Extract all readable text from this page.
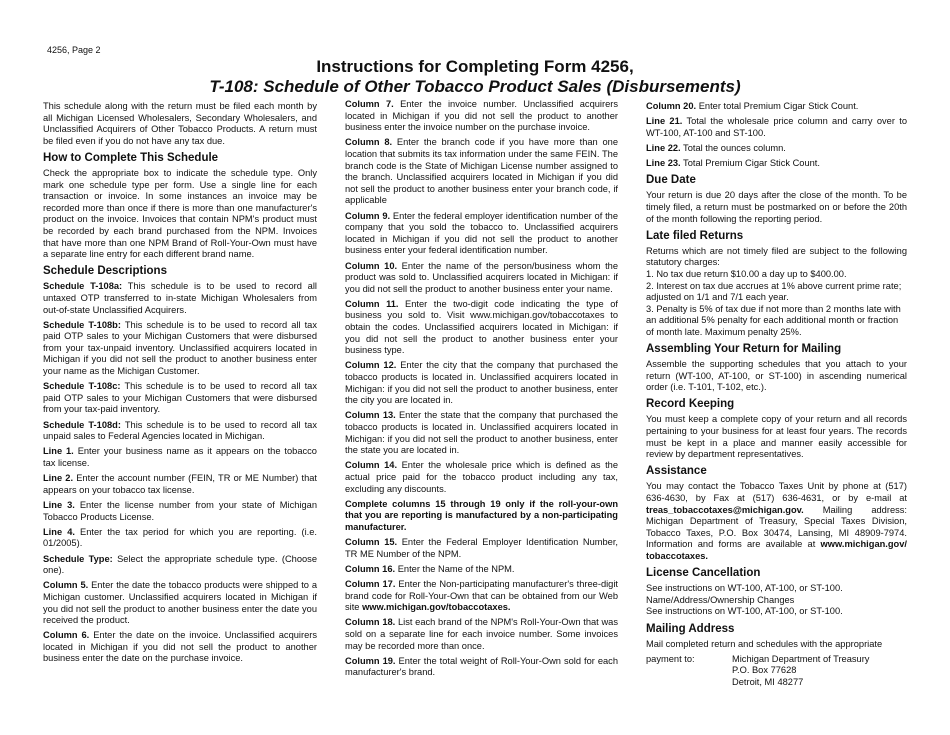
4256, Page 2
Instructions for Completing Form 4256,
T-108: Schedule of Other Tobacco Product Sales (Disbursements)

This schedule along with the return must be filed each month by all Michigan Licensed Wholesalers, Secondary Wholesalers, and Unclassified Acquirers of Other Tobacco Products. A return must be filed even if you do not have any tax due.

How to Complete This Schedule

Check the appropriate box to indicate the schedule type. Only mark one schedule type per form. Use a single line for each transaction or invoice. In some instances an invoice may be recorded more than once if there is more than one manufacturer's product on the invoice. Invoices that contain NPM's product must be recorded by each brand purchased from the NPM. Invoices that have more than one NPM Brand of Roll-Your-Own must have a separate line entry for each different brand name.

Schedule Descriptions

Schedule T-108a: This schedule is to be used to record all untaxed OTP transferred to in-state Michigan Wholesalers from out-of-state Unclassified Acquirers.

Schedule T-108b: This schedule is to be used to record all tax paid OTP sales to your Michigan Customers that were disbursed from your tax-unpaid inventory. Unclassified acquirers located in Michigan if you did not sell the product to another business enter your name as the Michigan Customer.

Schedule T-108c: This schedule is to be used to record all tax paid OTP sales to your Michigan Customers that were disbursed from your tax-paid inventory.

Schedule T-108d: This schedule is to be used to record all tax unpaid sales to Federal Agencies located in Michigan.

Line 1. Enter your business name as it appears on the tobacco tax license.

Line 2. Enter the account number (FEIN, TR or ME Number) that appears on your tobacco tax license.

Line 3. Enter the license number from your state of Michigan Tobacco Products License.

Line 4. Enter the tax period for which you are reporting. (i.e. 01/2005).

Schedule Type: Select the appropriate schedule type. (Choose one).

Column 5. Enter the date the tobacco products were shipped to a Michigan customer. Unclassified acquirers located in Michigan if you did not sell the product to another business enter the date you received the product.

Column 6. Enter the date on the invoice. Unclassified acquirers located in Michigan if you did not sell the product to another business enter the date on the purchase invoice.

Column 7. Enter the invoice number. Unclassified acquirers located in Michigan if you did not sell the product to another business enter the invoice number on the purchase invoice.

Column 8. Enter the branch code if you have more than one location that submits its tax information under the same FEIN. The branch code is the State of Michigan License number assigned to the branch. Unclassified acquirers located in Michigan if you did not sell the product to another business enter your branch code, if applicable

Column 9. Enter the federal employer identification number of the company that you sold the tobacco to. Unclassified acquirers located in Michigan if you did not sell the product to another business enter your federal identification number.

Column 10. Enter the name of the person/business whom the product was sold to. Unclassified acquirers located in Michigan: if you did not sell the product to another business enter your name.

Column 11. Enter the two-digit code indicating the type of business you sold to. Visit www.michigan.gov/tobaccotaxes to obtain the codes. Unclassified acquirers located in Michigan: if you did not sell the product to another business enter your business type.

Column 12. Enter the city that the company that purchased the tobacco products is located in. Unclassified acquirers located in Michigan: if you did not sell the product to another business, enter the city you are located in.

Column 13. Enter the state that the company that purchased the tobacco products is located in. Unclassified acquirers located in Michigan: if you did not sell the product to another business, enter the state you are located in.

Column 14. Enter the wholesale price which is defined as the actual price paid for the tobacco product including any tax, excluding any discounts.

Complete columns 15 through 19 only if the roll-your-own that you are reporting is manufactured by a non-participating manufacturer.

Column 15. Enter the Federal Employer Identification Number, TR ME Number of the NPM.

Column 16. Enter the Name of the NPM.

Column 17. Enter the Non-participating manufacturer's three-digit brand code for Roll-Your-Own that can be obtained from our Web site www.michigan.gov/tobaccotaxes.

Column 18. List each brand of the NPM's Roll-Your-Own that was sold on a separate line for each invoice number. Some invoices may be recorded more than once.

Column 19. Enter the total weight of Roll-Your-Own sold for each manufacturer's brand.

Column 20. Enter total Premium Cigar Stick Count.

Line 21. Total the wholesale price column and carry over to WT-100, AT-100 and ST-100.

Line 22. Total the ounces column.

Line 23. Total Premium Cigar Stick Count.

Due Date

Your return is due 20 days after the close of the month. To be timely filed, a return must be postmarked on or before the 20th of the month following the reporting period.

Late filed Returns

Returns which are not timely filed are subject to the following statutory charges:
1. No tax due return $10.00 a day up to $400.00.
2. Interest on tax due accrues at 1% above current prime rate; adjusted on 1/1 and 7/1 each year.
3. Penalty is 5% of tax due if not more than 2 months late with an additional 5% penalty for each additional month or fraction of month late. Maximum penalty 25%.

Assembling Your Return for Mailing

Assemble the supporting schedules that you attach to your return (WT-100, AT-100, or ST-100) in ascending numerical order (i.e. T-101, T-102, etc.).

Record Keeping

You must keep a complete copy of your return and all records pertaining to your business for at least four years. The records must be kept in a place and manner easily accessible for review by department representatives.

Assistance

You may contact the Tobacco Taxes Unit by phone at (517) 636-4630, by Fax at (517) 636-4631, or by e-mail at treas_tobaccotaxes@michigan.gov. Mailing address: Michigan Department of Treasury, Special Taxes Division, Tobacco Taxes, P.O. Box 30474, Lansing, MI 48909-7974. Information and forms are available at www.michigan.gov/ tobaccotaxes.

License Cancellation

See instructions on WT-100, AT-100, or ST-100.
Name/Address/Ownership Changes
See instructions on WT-100, AT-100, or ST-100.

Mailing Address

Mail completed return and schedules with the appropriate

payment to:	Michigan Department of Treasury
P.O. Box 77628
Detroit, MI 48277
